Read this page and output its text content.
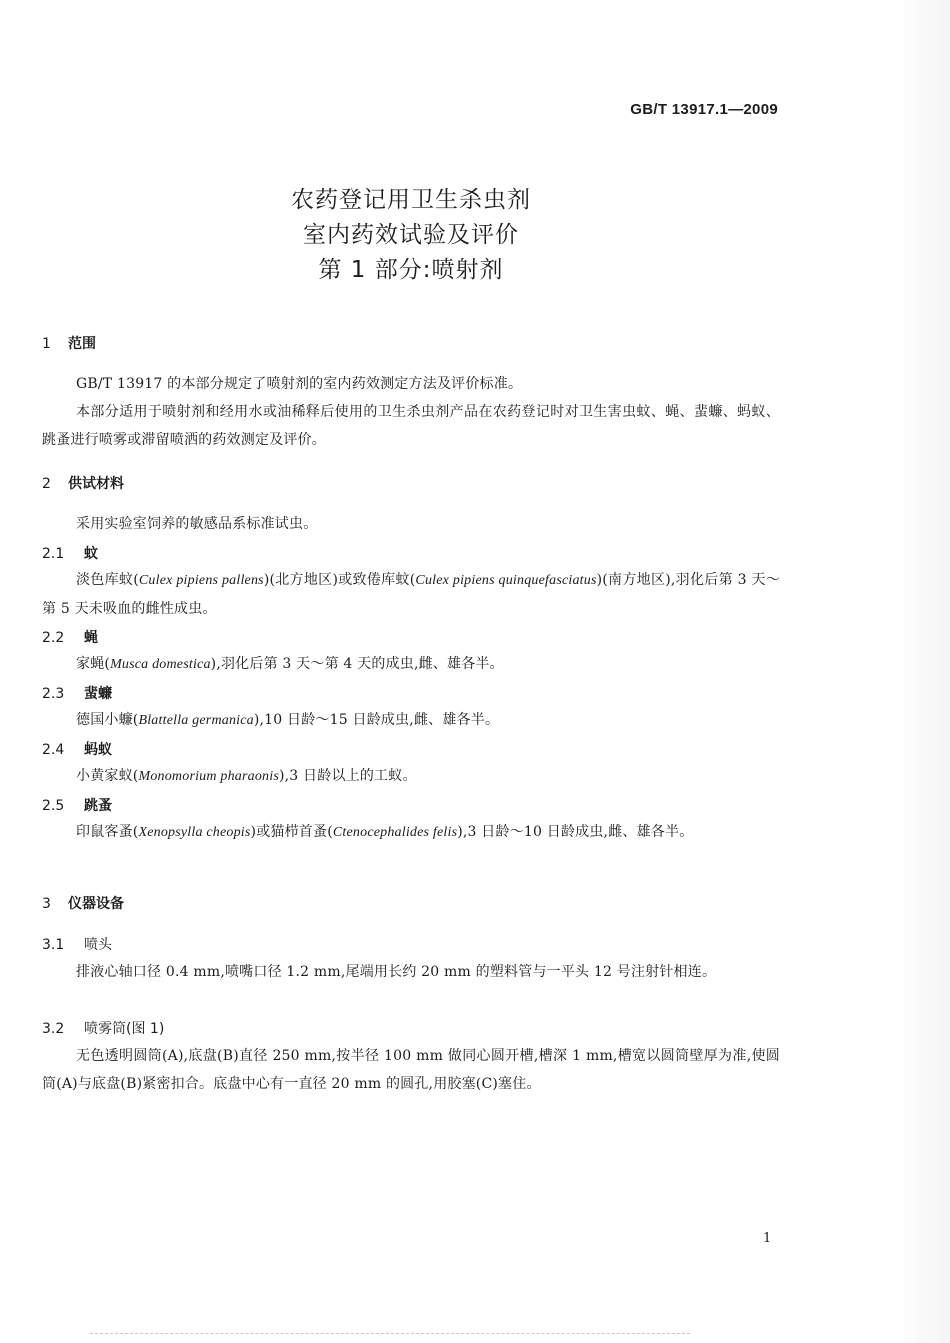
GB/T 13917.1—2009
农药登记用卫生杀虫剂
室内药效试验及评价
第 1 部分:喷射剂
1 范围
GB/T 13917 的本部分规定了喷射剂的室内药效测定方法及评价标准。
本部分适用于喷射剂和经用水或油稀释后使用的卫生杀虫剂产品在农药登记时对卫生害虫蚊、蝇、蜚蠊、蚂蚁、跳蚤进行喷雾或滞留喷洒的药效测定及评价。
2 供试材料
采用实验室饲养的敏感品系标准试虫。
2.1 蚊
淡色库蚊(Culex pipiens pallens)(北方地区)或致倦库蚊(Culex pipiens quinquefasciatus)(南方地区),羽化后第 3 天～第 5 天未吸血的雌性成虫。
2.2 蝇
家蝇(Musca domestica),羽化后第 3 天～第 4 天的成虫,雌、雄各半。
2.3 蜚蠊
德国小蠊(Blattella germanica),10 日龄～15 日龄成虫,雌、雄各半。
2.4 蚂蚁
小黄家蚁(Monomorium pharaonis),3 日龄以上的工蚁。
2.5 跳蚤
印鼠客蚤(Xenopsylla cheopis)或猫栉首蚤(Ctenocephalides felis),3 日龄～10 日龄成虫,雌、雄各半。
3 仪器设备
3.1 喷头
排液心轴口径 0.4 mm,喷嘴口径 1.2 mm,尾端用长约 20 mm 的塑料管与一平头 12 号注射针相连。
3.2 喷雾筒(图 1)
无色透明圆筒(A),底盘(B)直径 250 mm,按半径 100 mm 做同心圆开槽,槽深 1 mm,槽宽以圆筒壁厚为准,使圆筒(A)与底盘(B)紧密扣合。底盘中心有一直径 20 mm 的圆孔,用胶塞(C)塞住。
1
